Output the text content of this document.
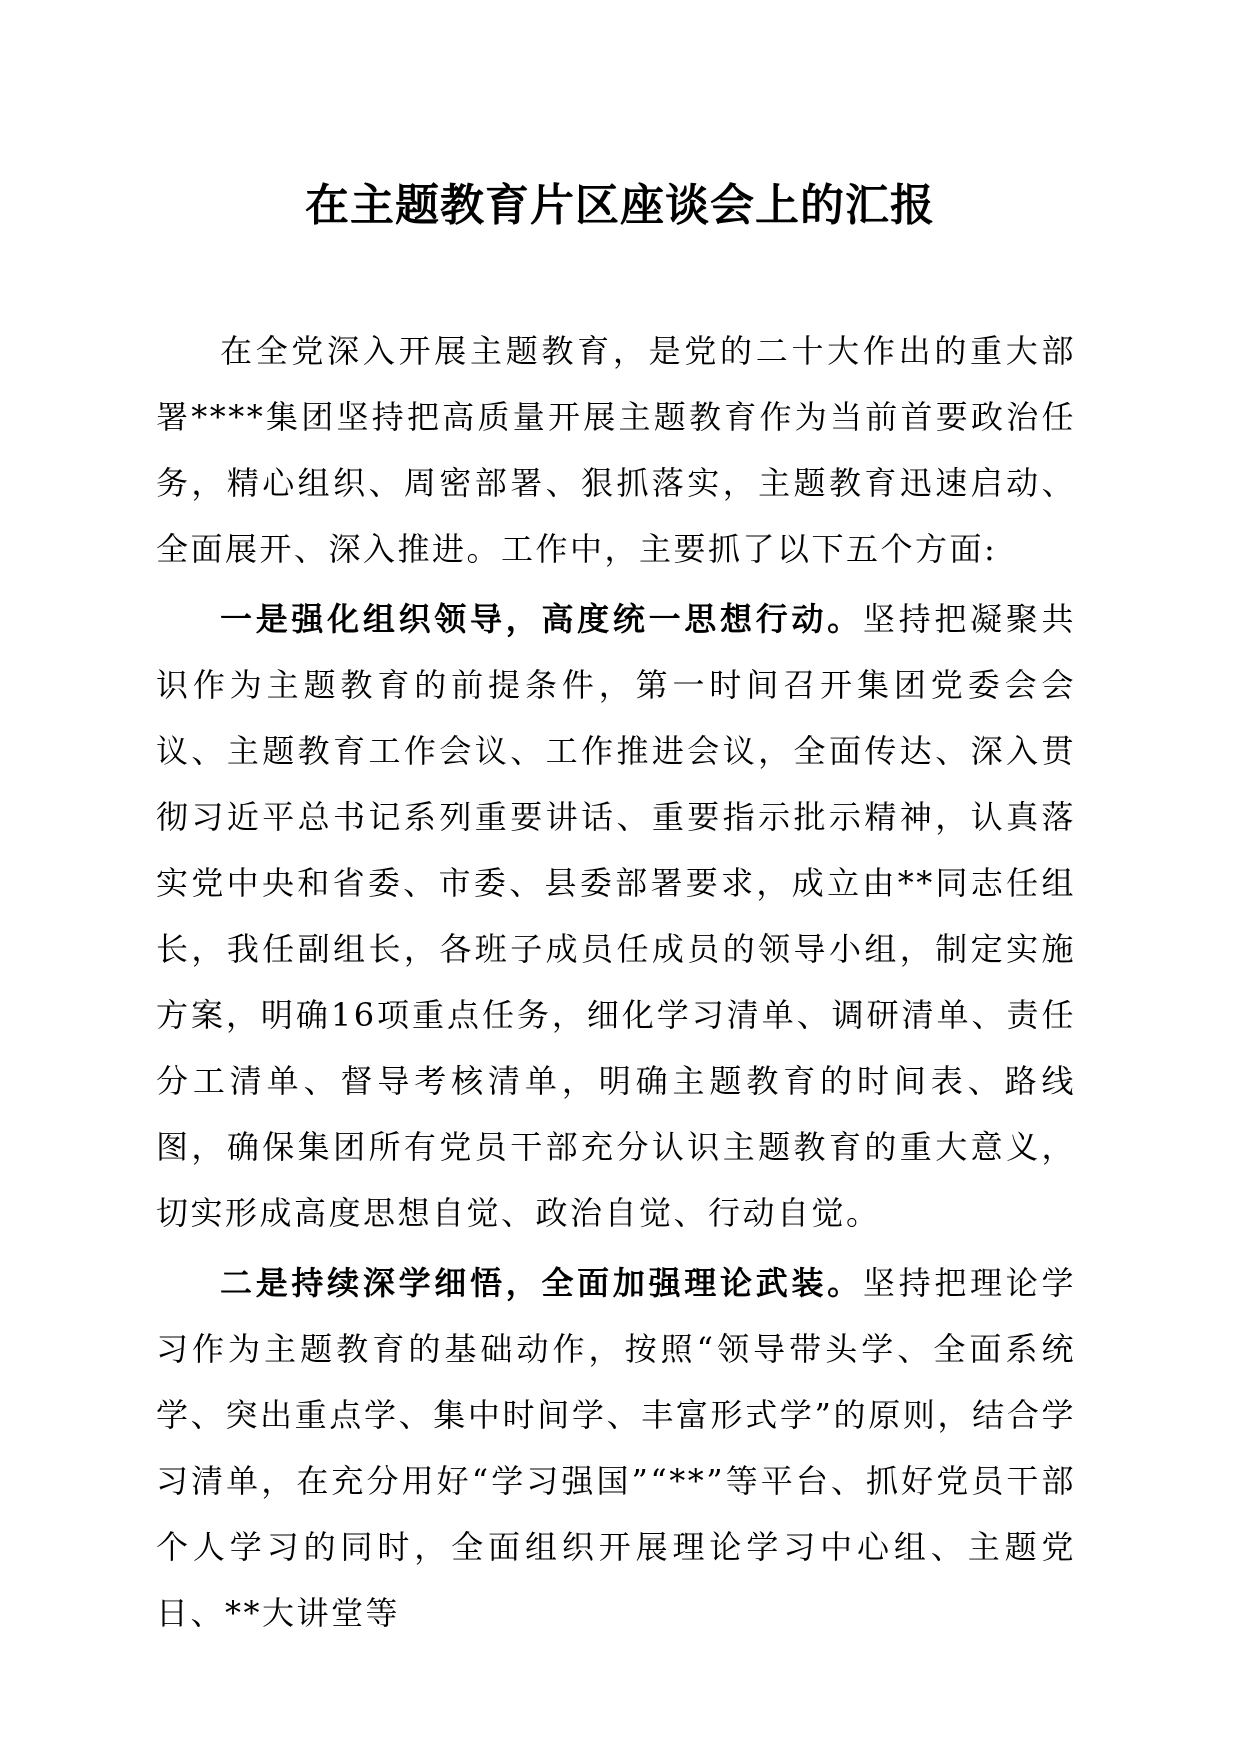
在主题教育片区座谈会上的汇报

在全党深入开展主题教育，是党的二十大作出的重大部署****集团坚持把高质量开展主题教育作为当前首要政治任务，精心组织、周密部署、狠抓落实，主题教育迅速启动、全面展开、深入推进。工作中，主要抓了以下五个方面:

一是强化组织领导，高度统一思想行动。坚持把凝聚共识作为主题教育的前提条件，第一时间召开集团党委会会议、主题教育工作会议、工作推进会议，全面传达、深入贯彻习近平总书记系列重要讲话、重要指示批示精神，认真落实党中央和省委、市委、县委部署要求，成立由**同志任组长，我任副组长，各班子成员任成员的领导小组，制定实施方案，明确16项重点任务，细化学习清单、调研清单、责任分工清单、督导考核清单，明确主题教育的时间表、路线图，确保集团所有党员干部充分认识主题教育的重大意义，切实形成高度思想自觉、政治自觉、行动自觉。

二是持续深学细悟，全面加强理论武装。坚持把理论学习作为主题教育的基础动作，按照“领导带头学、全面系统学、突出重点学、集中时间学、丰富形式学”的原则，结合学习清单，在充分用好“学习强国”“**”等平台、抓好党员干部个人学习的同时，全面组织开展理论学习中心组、主题党日、**大讲堂等
